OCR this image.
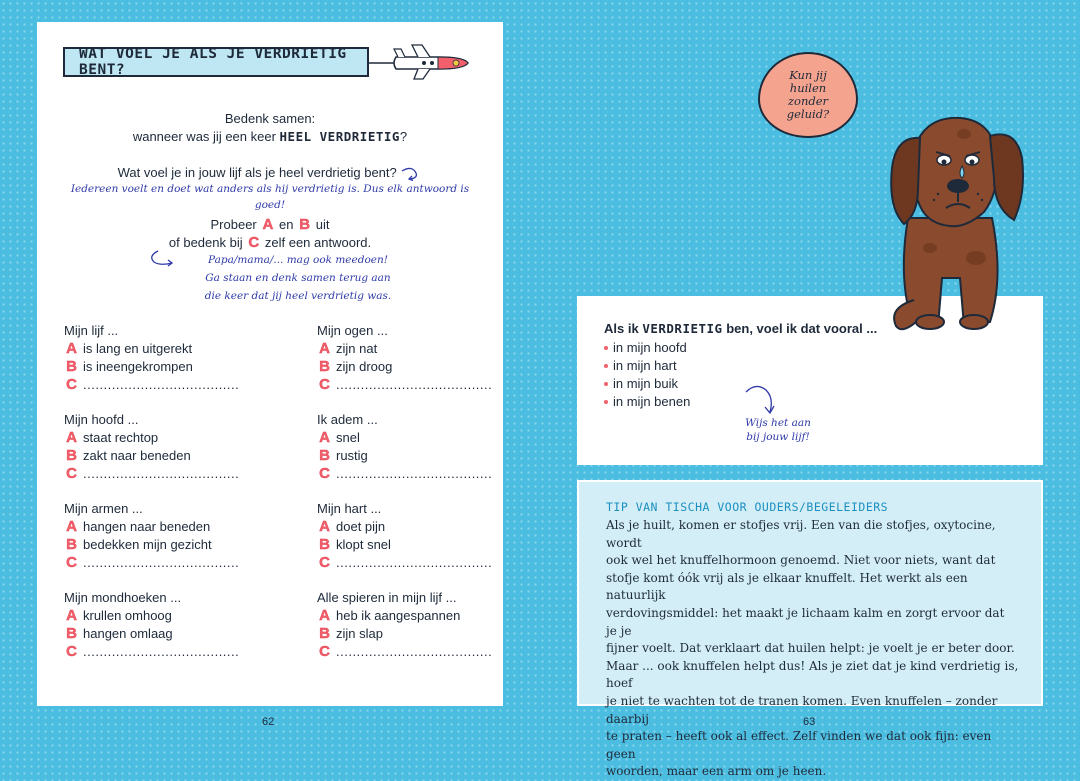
WAT VOEL JE ALS JE VERDRIETIG BENT?
Bedenk samen:
wanneer was jij een keer HEEL VERDRIETIG?
Wat voel je in jouw lijf als je heel verdrietig bent?
Iedereen voelt en doet wat anders als hij verdrietig is. Dus elk antwoord is goed!
Probeer A en B uit
of bedenk bij C zelf een antwoord.
Papa/mama/... mag ook meedoen!
Ga staan en denk samen terug aan
die keer dat jij heel verdrietig was.
Mijn lijf ...
A is lang en uitgerekt
B is ineengekrompen
C ......................................
Mijn ogen ...
A zijn nat
B zijn droog
C ......................................
Mijn hoofd ...
A staat rechtop
B zakt naar beneden
C ......................................
Ik adem ...
A snel
B rustig
C ......................................
Mijn armen ...
A hangen naar beneden
B bedekken mijn gezicht
C ......................................
Mijn hart ...
A doet pijn
B klopt snel
C ......................................
Mijn mondhoeken ...
A krullen omhoog
B hangen omlaag
C ......................................
Alle spieren in mijn lijf ...
A heb ik aangespannen
B zijn slap
C ......................................
62
Kun jij huilen zonder geluid?
Als ik VERDRIETIG ben, voel ik dat vooral ...
in mijn hoofd
in mijn hart
in mijn buik
in mijn benen
Wijs het aan
bij jouw lijf!
TIP VAN TISCHA VOOR OUDERS/BEGELEIDERS
Als je huilt, komen er stofjes vrij. Een van die stofjes, oxytocine, wordt
ook wel het knuffelhormoon genoemd. Niet voor niets, want dat
stofje komt óók vrij als je elkaar knuffelt. Het werkt als een natuurlijk
verdovingsmiddel: het maakt je lichaam kalm en zorgt ervoor dat je je
fijner voelt. Dat verklaart dat huilen helpt: je voelt je er beter door.
Maar ... ook knuffelen helpt dus! Als je ziet dat je kind verdrietig is, hoef
je niet te wachten tot de tranen komen. Even knuffelen – zonder daarbij
te praten – heeft ook al effect. Zelf vinden we dat ook fijn: even geen
woorden, maar een arm om je heen.
63
